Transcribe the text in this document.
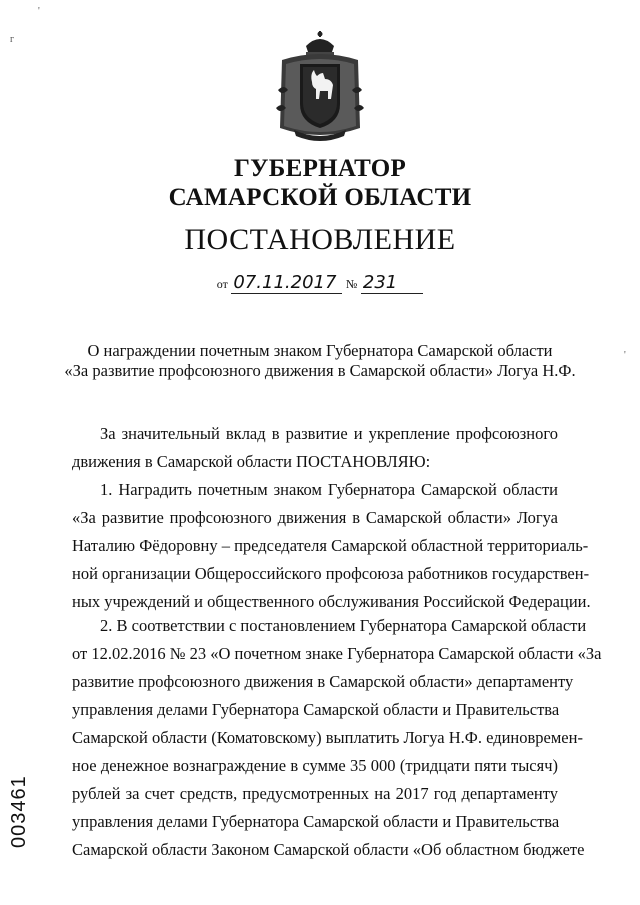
'
г
'
ГУБЕРНАТОР
САМАРСКОЙ ОБЛАСТИ
ПОСТАНОВЛЕНИЕ
от 07.11.2017 № 231
О награждении почетным знаком Губернатора Самарской области
«За развитие профсоюзного движения в Самарской области» Логуа Н.Ф.
За значительный вклад в развитие и укрепление профсоюзного
движения в Самарской области ПОСТАНОВЛЯЮ:
1. Наградить почетным знаком Губернатора Самарской области
«За развитие профсоюзного движения в Самарской области» Логуа
Наталию Фёдоровну – председателя Самарской областной территориаль-
ной организации Общероссийского профсоюза работников государствен-
ных учреждений и общественного обслуживания Российской Федерации.
2. В соответствии с постановлением Губернатора Самарской области
от 12.02.2016 № 23 «О почетном знаке Губернатора Самарской области «За
развитие профсоюзного движения в Самарской области» департаменту
управления делами Губернатора Самарской области и Правительства
Самарской области (Коматовскому) выплатить Логуа Н.Ф. единовремен-
ное денежное вознаграждение в сумме 35 000 (тридцати пяти тысяч)
рублей за счет средств, предусмотренных на 2017 год департаменту
управления делами Губернатора Самарской области и Правительства
Самарской области Законом Самарской области «Об областном бюджете
003461
